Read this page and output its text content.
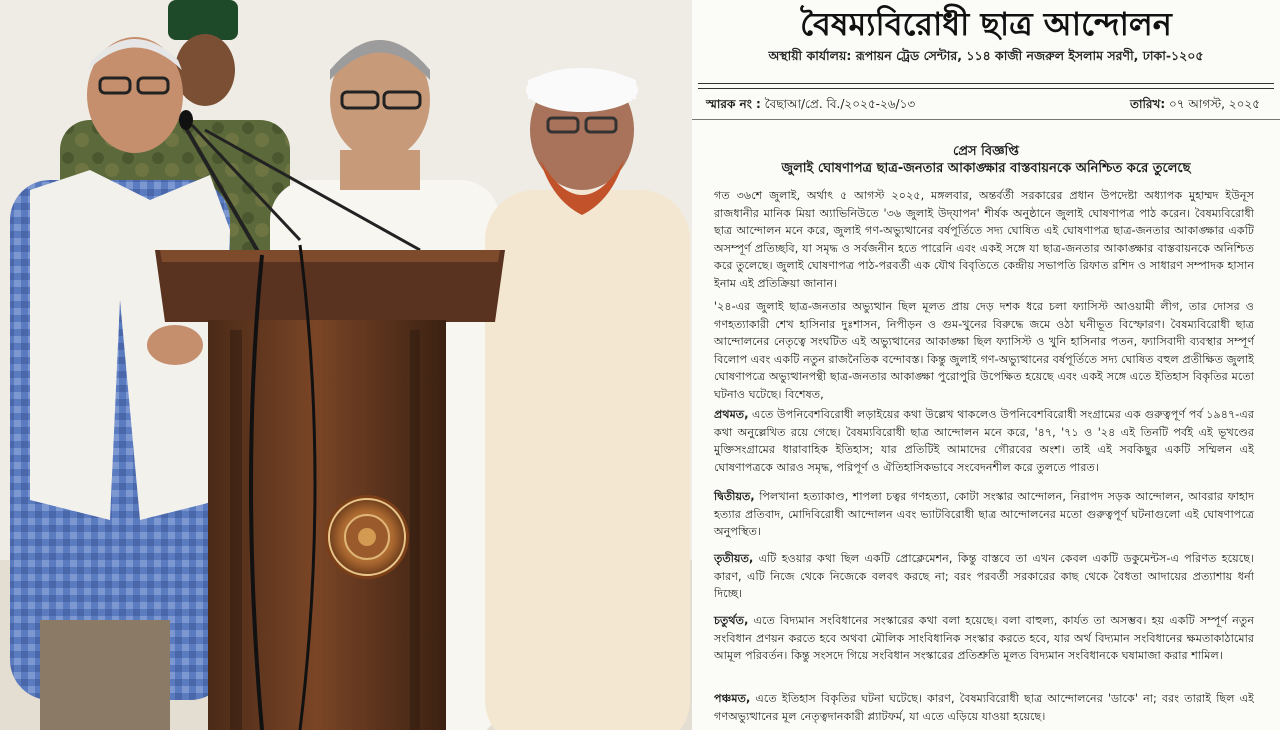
বৈষম্যবিরোধী ছাত্র আন্দোলন
অস্থায়ী কার্যালয়: রূপায়ন ট্রেড সেন্টার, ১১৪ কাজী নজরুল ইসলাম সরণী, ঢাকা-১২০৫
স্মারক নং : বৈছাআ/প্রে. বি./২০২৫-২৬/১৩	তারিখ: ০৭ আগস্ট, ২০২৫
প্রেস বিজ্ঞপ্তি
জুলাই ঘোষণাপত্র ছাত্র-জনতার আকাঙ্ক্ষার বাস্তবায়নকে অনিশ্চিত করে তুলেছে

গত ৩৬শে জুলাই, অর্থাৎ ৫ আগস্ট ২০২৫, মঙ্গলবার, অন্তর্বর্তী সরকারের প্রধান উপদেষ্টা অধ্যাপক মুহাম্মদ ইউনূস রাজধানীর মানিক মিয়া অ্যাভিনিউতে '৩৬ জুলাই উদ্‌যাপন' শীর্ষক অনুষ্ঠানে জুলাই ঘোষণাপত্র পাঠ করেন। বৈষম্যবিরোধী ছাত্র আন্দোলন মনে করে, জুলাই গণ-অভ্যুত্থানের বর্ষপূর্তিতে সদ্য ঘোষিত এই ঘোষণাপত্র ছাত্র-জনতার আকাঙ্ক্ষার একটি অসম্পূর্ণ প্রতিচ্ছবি, যা সমৃদ্ধ ও সর্বজনীন হতে পারেনি এবং একই সঙ্গে যা ছাত্র-জনতার আকাঙ্ক্ষার বাস্তবায়নকে অনিশ্চিত করে তুলেছে। জুলাই ঘোষণাপত্র পাঠ-পরবর্তী এক যৌথ বিবৃতিতে কেন্দ্রীয় সভাপতি রিফাত রশিদ ও সাধারণ সম্পাদক হাসান ইনাম এই প্রতিক্রিয়া জানান।

'২৪-এর জুলাই ছাত্র-জনতার অভ্যুত্থান ছিল মূলত প্রায় দেড় দশক ধরে চলা ফ্যাসিস্ট আওয়ামী লীগ, তার দোসর ও গণহত্যাকারী শেখ হাসিনার দুঃশাসন, নিপীড়ন ও গুম-খুনের বিরুদ্ধে জমে ওঠা ঘনীভূত বিস্ফোরণ। বৈষম্যবিরোধী ছাত্র আন্দোলনের নেতৃত্বে সংঘটিত এই অভ্যুত্থানের আকাঙ্ক্ষা ছিল ফ্যাসিস্ট ও খুনি হাসিনার পতন, ফ্যাসিবাদী ব্যবস্থার সম্পূর্ণ বিলোপ এবং একটি নতুন রাজনৈতিক বন্দোবস্ত। কিন্তু জুলাই গণ-অভ্যুত্থানের বর্ষপূর্তিতে সদ্য ঘোষিত বহুল প্রতীক্ষিত জুলাই ঘোষণাপত্রে অভ্যুত্থানপন্থী ছাত্র-জনতার আকাঙ্ক্ষা পুরোপুরি উপেক্ষিত হয়েছে এবং একই সঙ্গে এতে ইতিহাস বিকৃতির মতো ঘটনাও ঘটেছে। বিশেষত,

প্রথমত, এতে উপনিবেশবিরোধী লড়াইয়ের কথা উল্লেখ থাকলেও উপনিবেশবিরোধী সংগ্রামের এক গুরুত্বপূর্ণ পর্ব ১৯৪৭-এর কথা অনুল্লেখিত রয়ে গেছে। বৈষম্যবিরোধী ছাত্র আন্দোলন মনে করে, '৪৭, '৭১ ও '২৪ এই তিনটি পর্বই এই ভূখণ্ডের মুক্তিসংগ্রামের ধারাবাহিক ইতিহাস; যার প্রতিটিই আমাদের গৌরবের অংশ। তাই এই সবকিছুর একটি সম্মিলন এই ঘোষণাপত্রকে আরও সমৃদ্ধ, পরিপূর্ণ ও ঐতিহাসিকভাবে সংবেদনশীল করে তুলতে পারত।

দ্বিতীয়ত, পিলখানা হত্যাকাণ্ড, শাপলা চত্বর গণহত্যা, কোটা সংস্কার আন্দোলন, নিরাপদ সড়ক আন্দোলন, আবরার ফাহাদ হত্যার প্রতিবাদ, মোদিবিরোধী আন্দোলন এবং ভ্যাটবিরোধী ছাত্র আন্দোলনের মতো গুরুত্বপূর্ণ ঘটনাগুলো এই ঘোষণাপত্রে অনুপস্থিত।

তৃতীয়ত, এটি হওয়ার কথা ছিল একটি প্রোক্লেমেশন, কিন্তু বাস্তবে তা এখন কেবল একটি ডকুমেন্টস-এ পরিণত হয়েছে। কারণ, এটি নিজে থেকে নিজেকে বলবৎ করছে না; বরং পরবর্তী সরকারের কাছ থেকে বৈধতা আদায়ের প্রত্যাশায় ধর্না দিচ্ছে।

চতুর্থত, এতে বিদ্যমান সংবিধানের সংস্কারের কথা বলা হয়েছে। বলা বাহুল্য, কার্যত তা অসম্ভব। হয় একটি সম্পূর্ণ নতুন সংবিধান প্রণয়ন করতে হবে অথবা মৌলিক সাংবিধানিক সংস্কার করতে হবে, যার অর্থ বিদ্যমান সংবিধানের ক্ষমতাকাঠামোর আমূল পরিবর্তন। কিন্তু সংসদে গিয়ে সংবিধান সংস্কারের প্রতিশ্রুতি মূলত বিদ্যমান সংবিধানকে ঘষামাজা করার শামিল।

পঞ্চমত, এতে ইতিহাস বিকৃতির ঘটনা ঘটেছে। কারণ, বৈষম্যবিরোধী ছাত্র আন্দোলনের 'ডাকে' না; বরং তারাই ছিল এই গণঅভ্যুত্থানের মূল নেতৃত্বদানকারী প্ল্যাটফর্ম, যা এতে এড়িয়ে যাওয়া হয়েছে।
